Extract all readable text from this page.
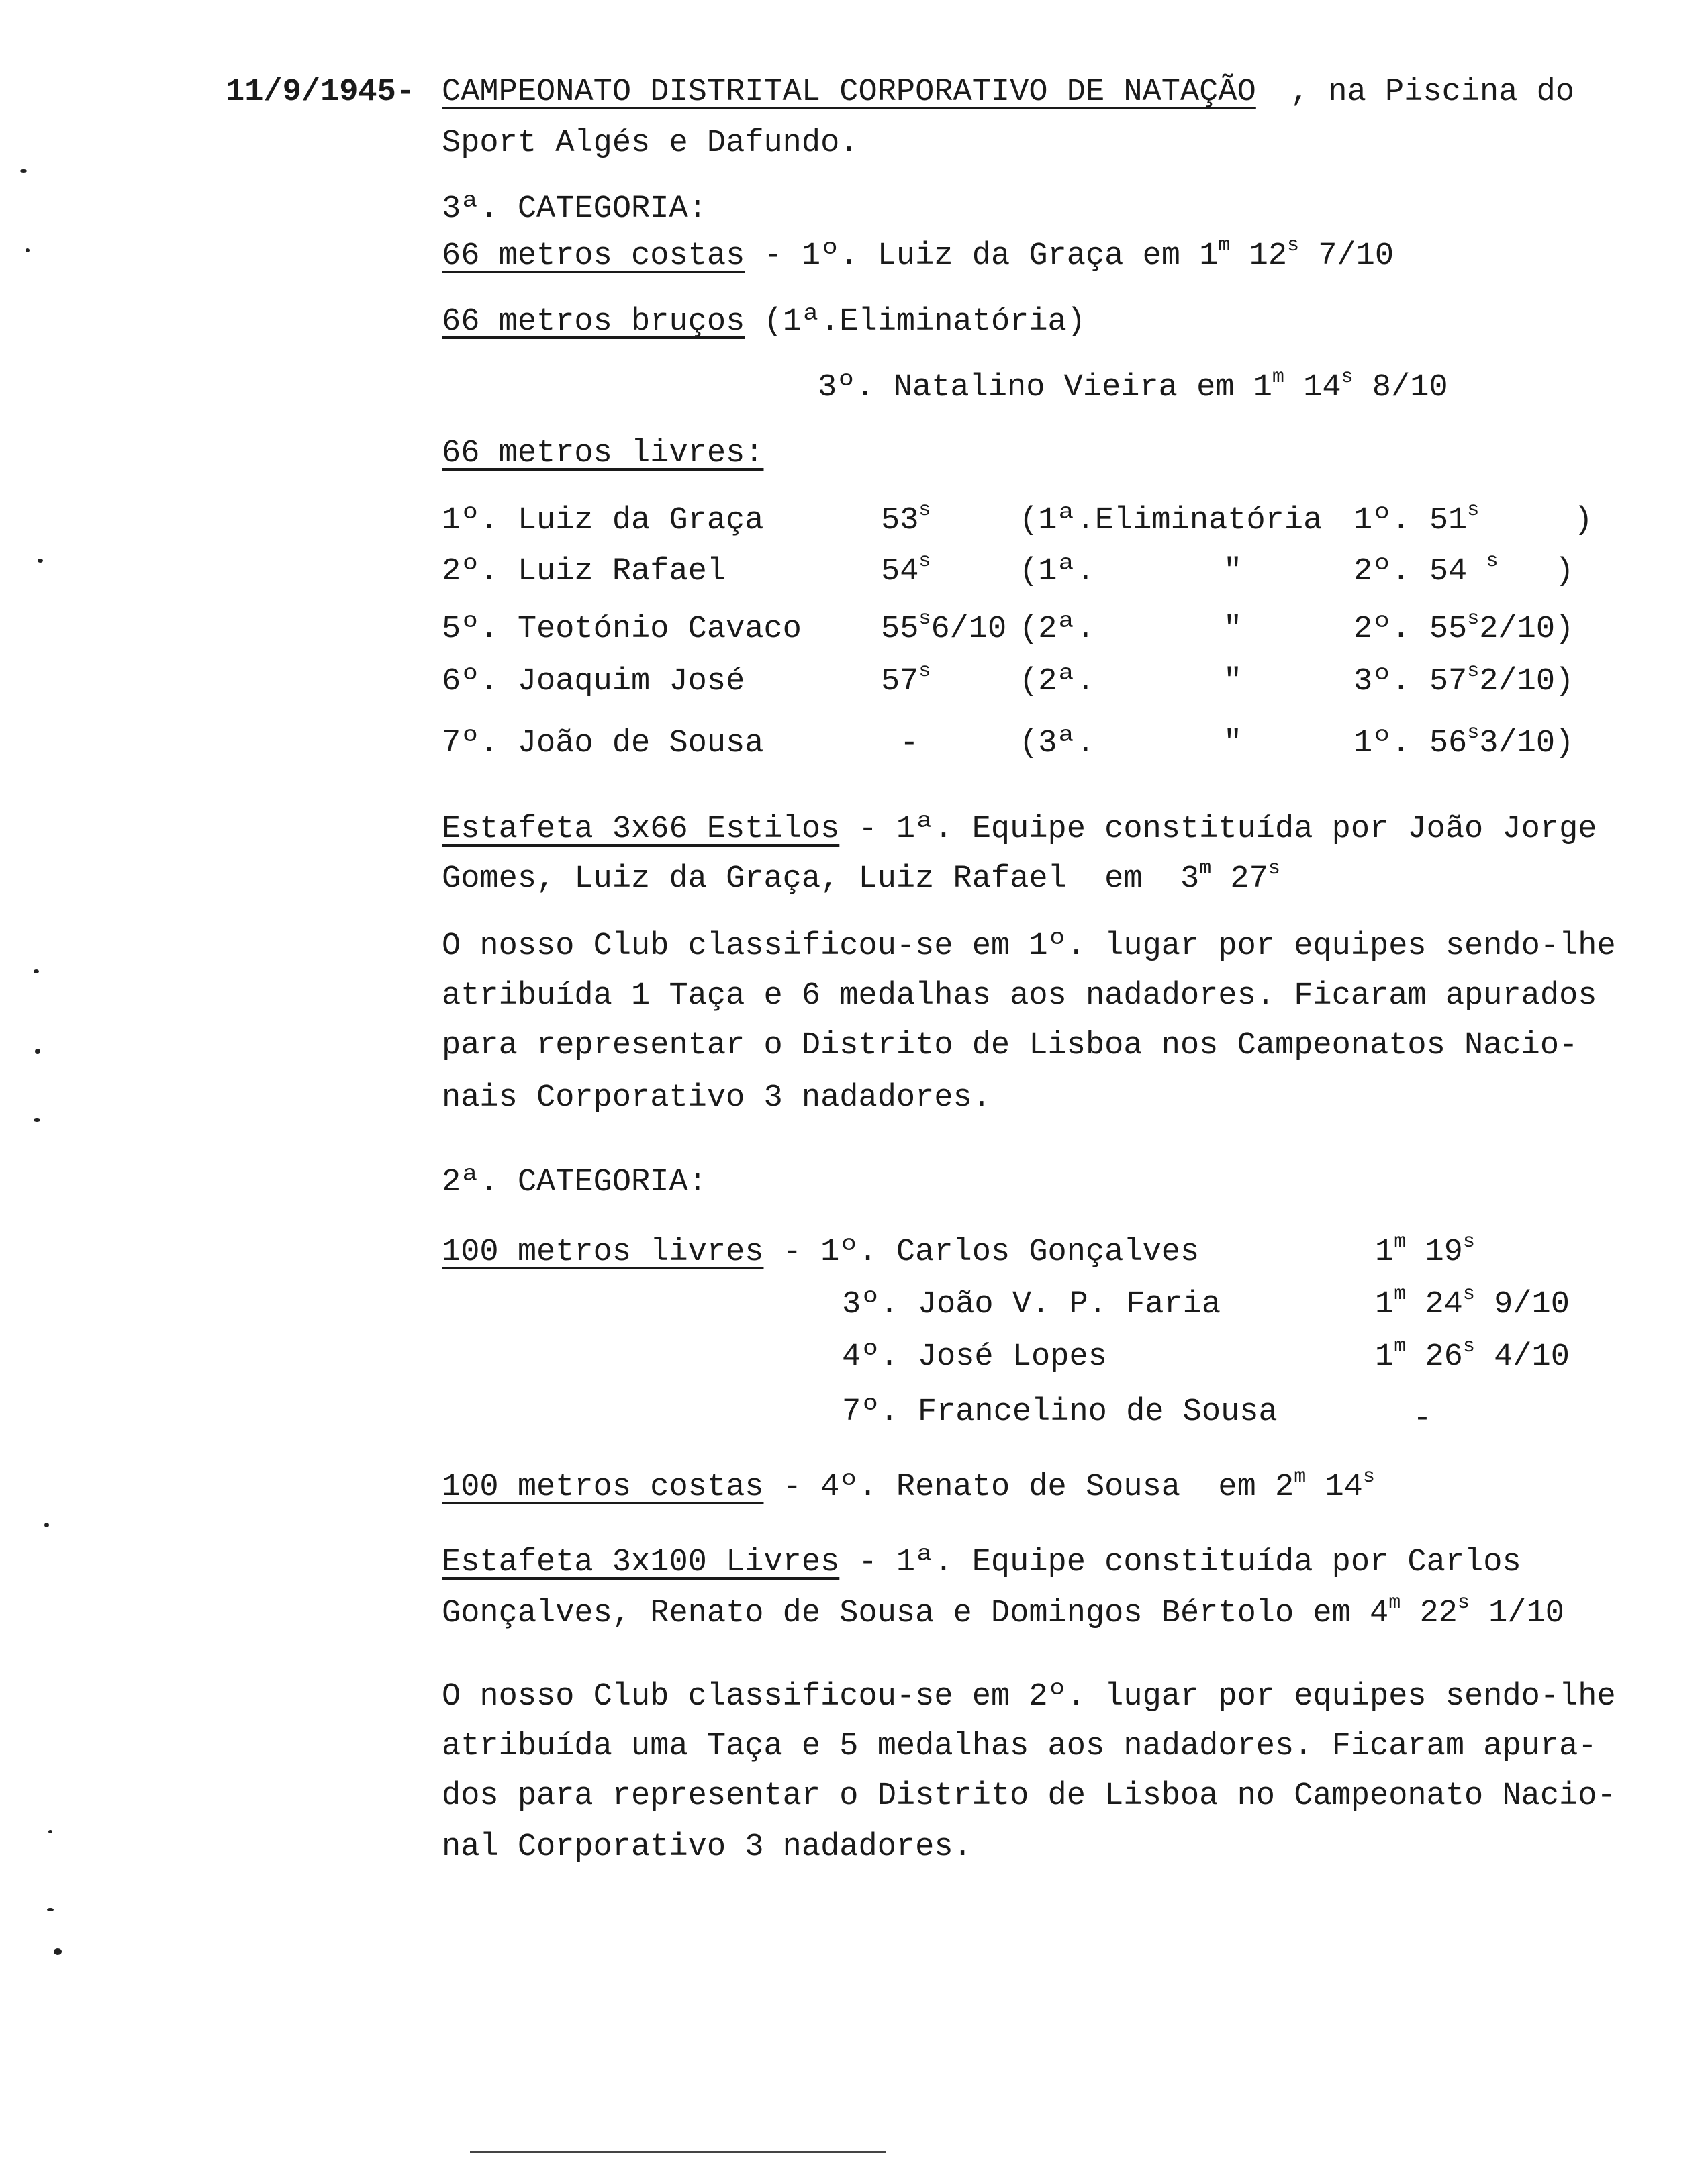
11/9/1945- CAMPEONATO DISTRITAL CORPORATIVO DE NATAÇÃO , na Piscina do
Sport Algés e Dafundo.
3ª. CATEGORIA:
66 metros costas - 1º. Luiz da Graça em 1$^m$ 12$^s$ 7/10
66 metros bruços (1ª.Eliminatória)
3º. Natalino Vieira em 1$^m$ 14$^s$ 8/10
66 metros livres:
1º. Luiz da Graça	53$^s$	(1ª.Eliminatória 1º. 51$^s$     )
2º. Luiz Rafael	54$^s$	(1ª.	"	2º. 54 $^s$   )
5º. Teotónio Cavaco	55$^s$6/10 (2ª.	"	2º. 55$^s$2/10)
6º. Joaquim José	57$^s$	(2ª.	"	3º. 57$^s$2/10)
7º. João de Sousa	-	(3ª.	"	1º. 56$^s$3/10)
Estafeta 3x66 Estilos - 1ª. Equipe constituída por João Jorge
Gomes, Luiz da Graça, Luiz Rafael  em  3$^m$ 27$^s$
O nosso Club classificou-se em 1º. lugar por equipes sendo-lhe
atribuída 1 Taça e 6 medalhas aos nadadores. Ficaram apurados
para representar o Distrito de Lisboa nos Campeonatos Nacio-
nais Corporativo 3 nadadores.
2ª. CATEGORIA:
100 metros livres - 1º. Carlos Gonçalves	1$^m$ 19$^s$
3º. João V. P. Faria	1$^m$ 24$^s$ 9/10
4º. José Lopes	1$^m$ 26$^s$ 4/10
7º. Francelino de Sousa	-
100 metros costas - 4º. Renato de Sousa  em 2$^m$ 14$^s$
Estafeta 3x100 Livres - 1ª. Equipe constituída por Carlos
Gonçalves, Renato de Sousa e Domingos Bértolo em 4$^m$ 22$^s$ 1/10
O nosso Club classificou-se em 2º. lugar por equipes sendo-lhe
atribuída uma Taça e 5 medalhas aos nadadores. Ficaram apura-
dos para representar o Distrito de Lisboa no Campeonato Nacio-
nal Corporativo 3 nadadores.
